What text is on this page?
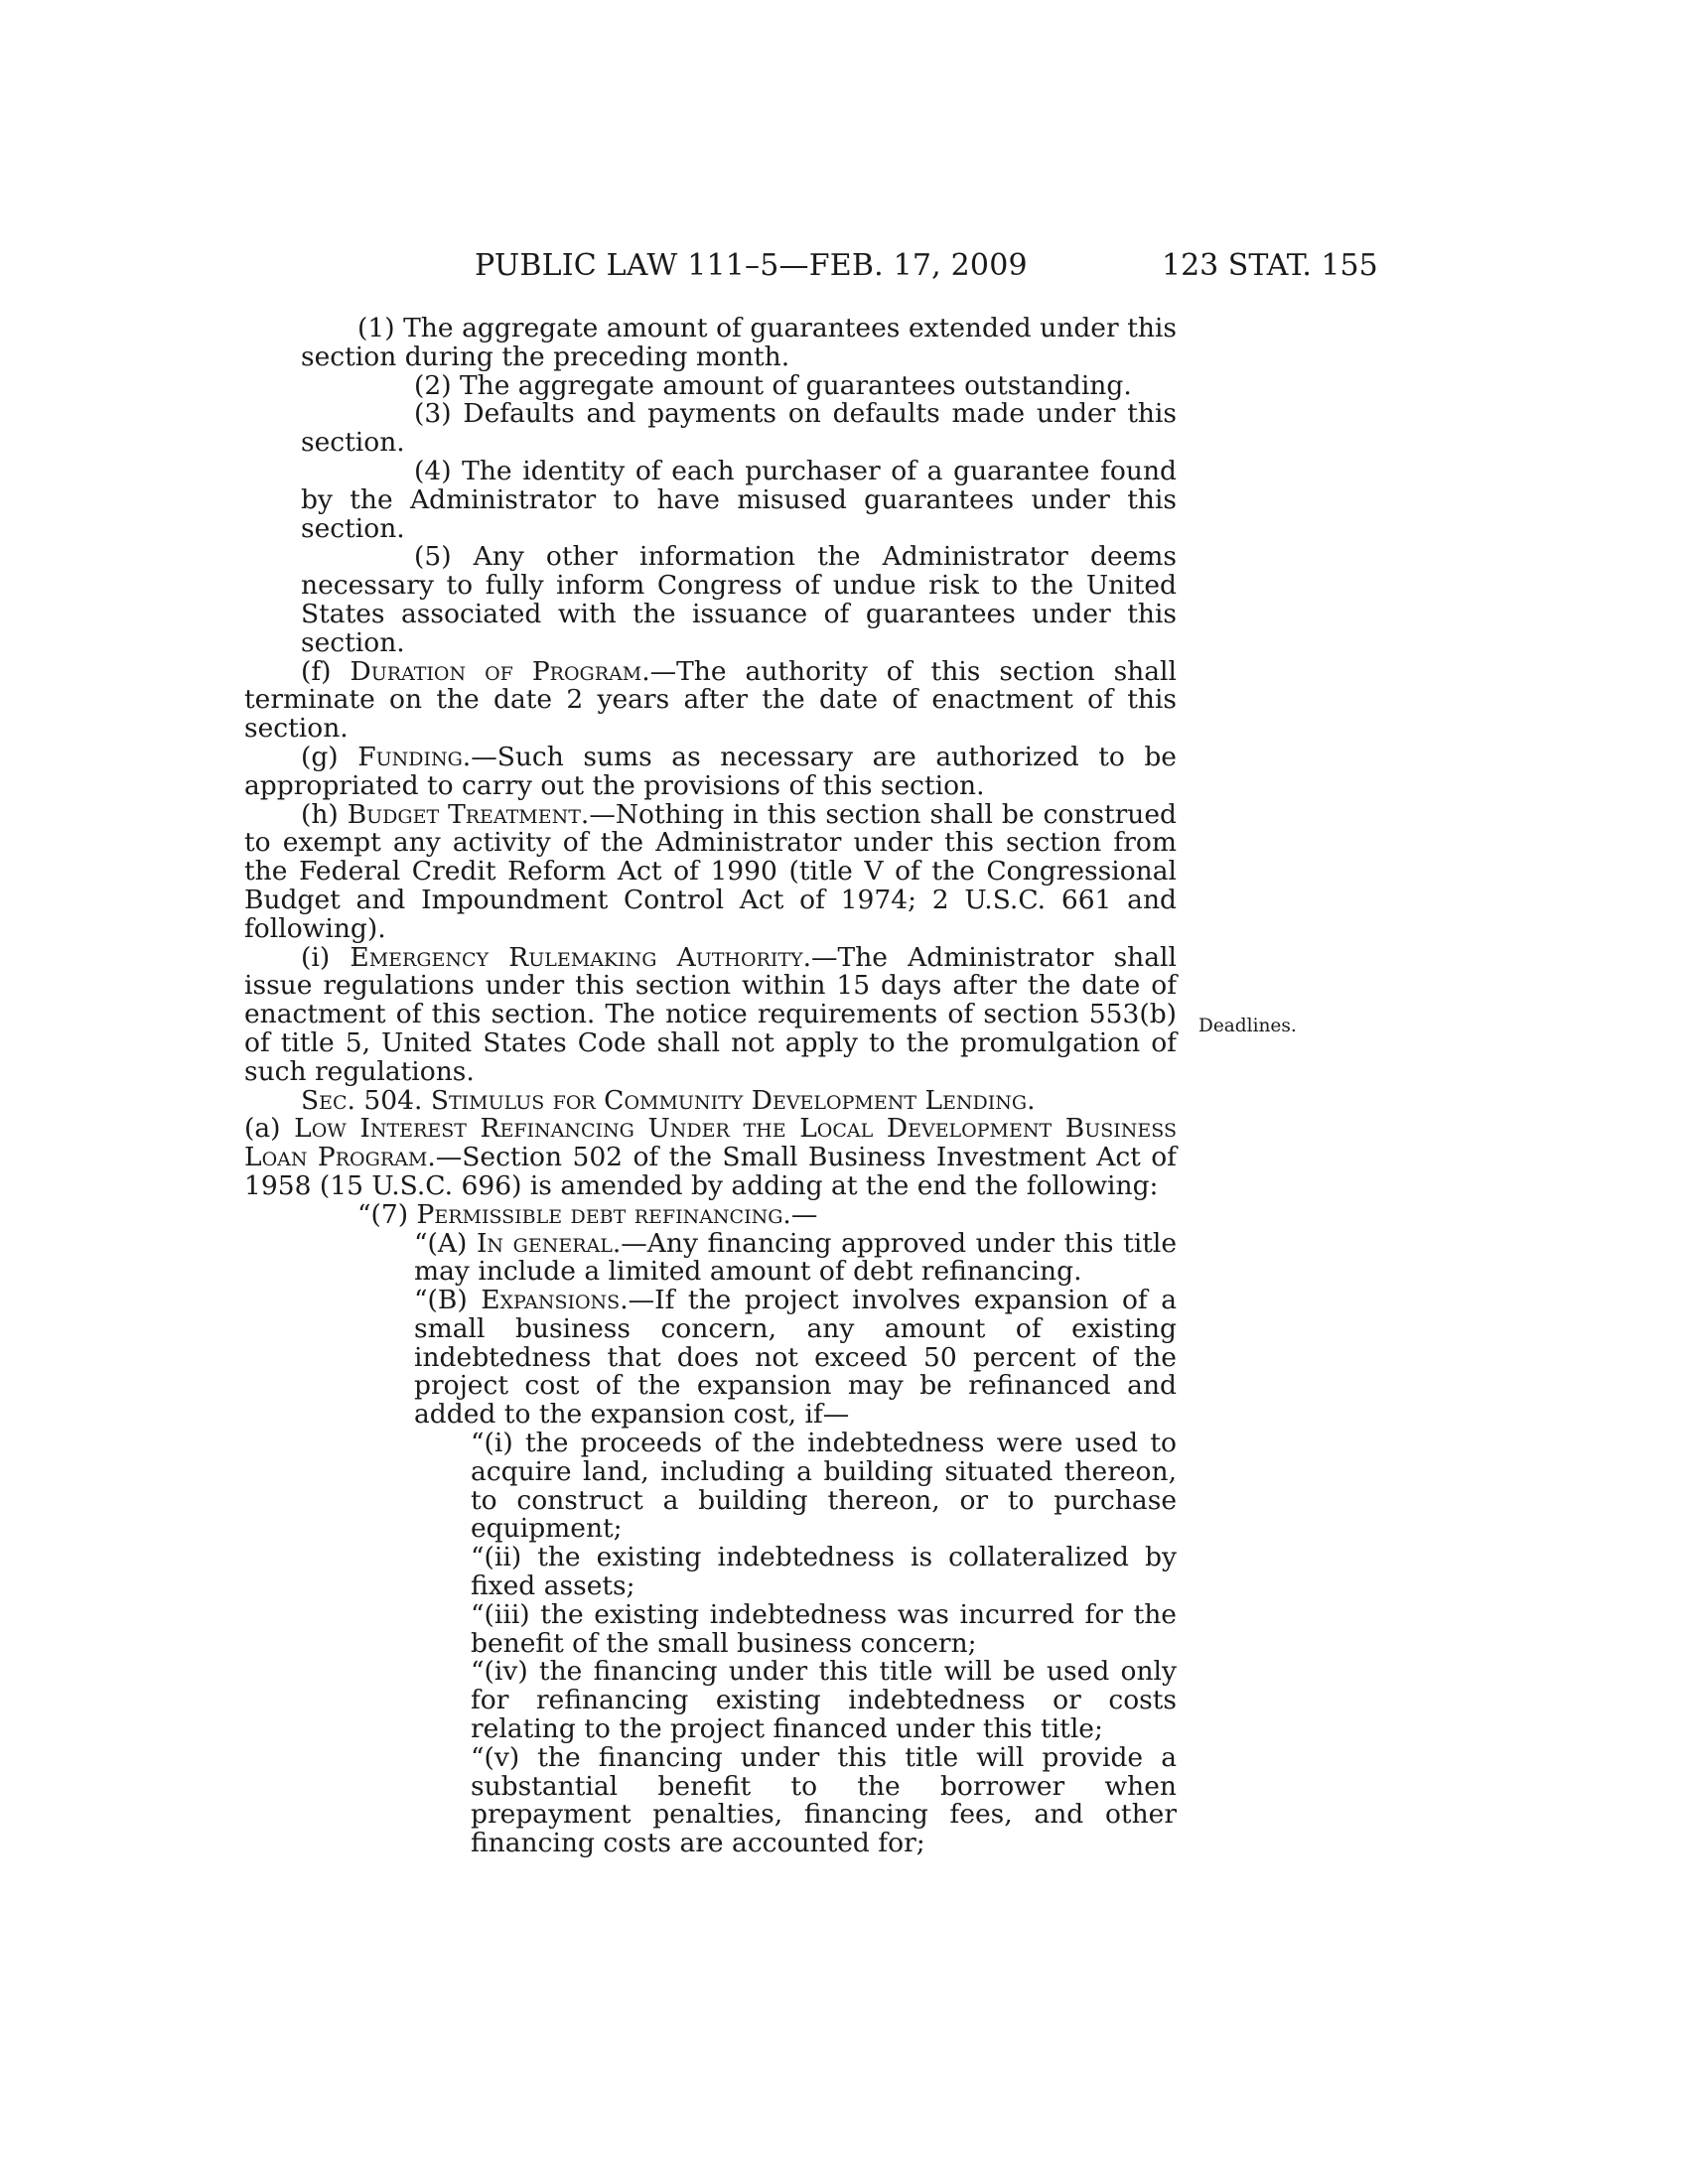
PUBLIC LAW 111–5—FEB. 17, 2009	123 STAT. 155
Deadlines.

(1) The aggregate amount of guarantees extended under this section during the preceding month.

(2) The aggregate amount of guarantees outstanding.

(3) Defaults and payments on defaults made under this section.

(4) The identity of each purchaser of a guarantee found by the Administrator to have misused guarantees under this section.

(5) Any other information the Administrator deems necessary to fully inform Congress of undue risk to the United States associated with the issuance of guarantees under this section.

(f) Duration of Program.—The authority of this section shall terminate on the date 2 years after the date of enactment of this section.

(g) Funding.—Such sums as necessary are authorized to be appropriated to carry out the provisions of this section.

(h) Budget Treatment.—Nothing in this section shall be construed to exempt any activity of the Administrator under this section from the Federal Credit Reform Act of 1990 (title V of the Congressional Budget and Impoundment Control Act of 1974; 2 U.S.C. 661 and following).

(i) Emergency Rulemaking Authority.—The Administrator shall issue regulations under this section within 15 days after the date of enactment of this section. The notice requirements of section 553(b) of title 5, United States Code shall not apply to the promulgation of such regulations.

Sec. 504. Stimulus for Community Development Lending.

(a) Low Interest Refinancing Under the Local Development Business Loan Program.—Section 502 of the Small Business Investment Act of 1958 (15 U.S.C. 696) is amended by adding at the end the following:

“(7) Permissible debt refinancing.—

“(A) In general.—Any financing approved under this title may include a limited amount of debt refinancing.

“(B) Expansions.—If the project involves expansion of a small business concern, any amount of existing indebtedness that does not exceed 50 percent of the project cost of the expansion may be refinanced and added to the expansion cost, if—

“(i) the proceeds of the indebtedness were used to acquire land, including a building situated thereon, to construct a building thereon, or to purchase equipment;

“(ii) the existing indebtedness is collateralized by fixed assets;

“(iii) the existing indebtedness was incurred for the benefit of the small business concern;

“(iv) the financing under this title will be used only for refinancing existing indebtedness or costs relating to the project financed under this title;

“(v) the financing under this title will provide a substantial benefit to the borrower when prepayment penalties, financing fees, and other financing costs are accounted for;
